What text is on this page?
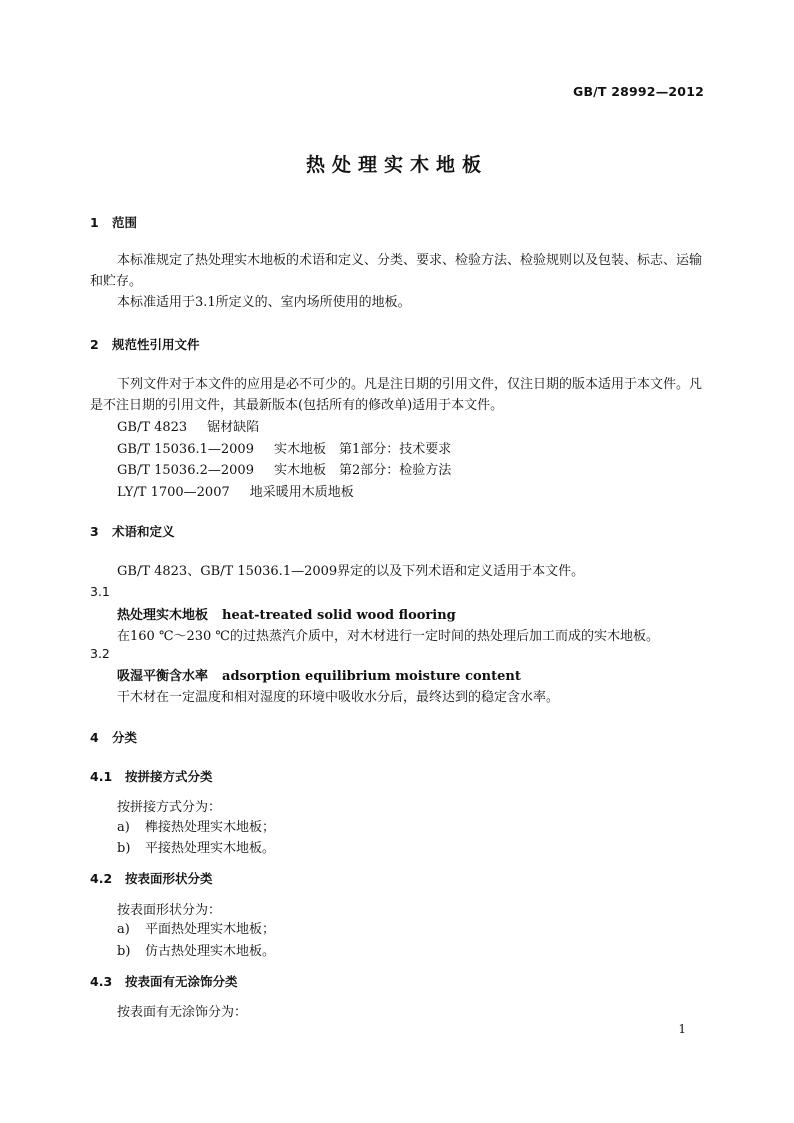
GB/T 28992—2012
热处理实木地板
1 范围
本标准规定了热处理实木地板的术语和定义、分类、要求、检验方法、检验规则以及包装、标志、运输和贮存。
本标准适用于3.1所定义的、室内场所使用的地板。
2 规范性引用文件
下列文件对于本文件的应用是必不可少的。凡是注日期的引用文件，仅注日期的版本适用于本文件。凡是不注日期的引用文件，其最新版本(包括所有的修改单)适用于本文件。
GB/T 4823 锯材缺陷
GB/T 15036.1—2009 实木地板　第1部分：技术要求
GB/T 15036.2—2009 实木地板　第2部分：检验方法
LY/T 1700—2007 地采暖用木质地板
3 术语和定义
GB/T 4823、GB/T 15036.1—2009界定的以及下列术语和定义适用于本文件。
3.1
热处理实木地板 heat-treated solid wood flooring
在160 ℃～230 ℃的过热蒸汽介质中，对木材进行一定时间的热处理后加工而成的实木地板。
3.2
吸湿平衡含水率 adsorption equilibrium moisture content
干木材在一定温度和相对湿度的环境中吸收水分后，最终达到的稳定含水率。
4 分类
4.1 按拼接方式分类
按拼接方式分为：
a) 榫接热处理实木地板；
b) 平接热处理实木地板。
4.2 按表面形状分类
按表面形状分为：
a) 平面热处理实木地板；
b) 仿古热处理实木地板。
4.3 按表面有无涂饰分类
按表面有无涂饰分为：
1
